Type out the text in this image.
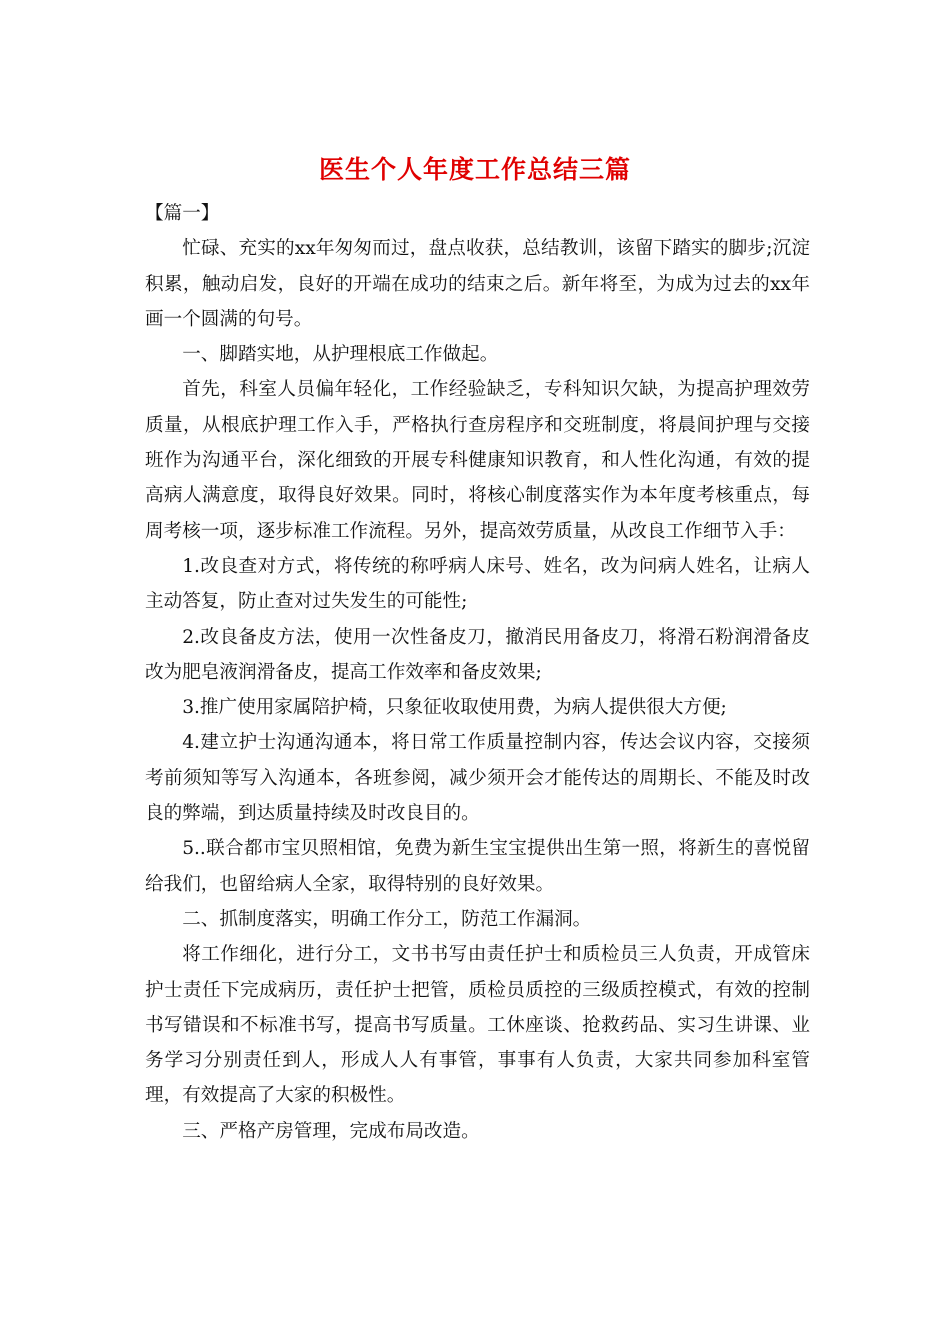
医生个人年度工作总结三篇
【篇一】

忙碌、充实的xx年匆匆而过，盘点收获，总结教训，该留下踏实的脚步;沉淀积累，触动启发，良好的开端在成功的结束之后。新年将至，为成为过去的xx年画一个圆满的句号。

一、脚踏实地，从护理根底工作做起。

首先，科室人员偏年轻化，工作经验缺乏，专科知识欠缺，为提高护理效劳质量，从根底护理工作入手，严格执行查房程序和交班制度，将晨间护理与交接班作为沟通平台，深化细致的开展专科健康知识教育，和人性化沟通，有效的提高病人满意度，取得良好效果。同时，将核心制度落实作为本年度考核重点，每周考核一项，逐步标准工作流程。另外，提高效劳质量，从改良工作细节入手：

1.改良查对方式，将传统的称呼病人床号、姓名，改为问病人姓名，让病人主动答复，防止查对过失发生的可能性;

2.改良备皮方法，使用一次性备皮刀，撤消民用备皮刀，将滑石粉润滑备皮改为肥皂液润滑备皮，提高工作效率和备皮效果;

3.推广使用家属陪护椅，只象征收取使用费，为病人提供很大方便;

4.建立护士沟通沟通本，将日常工作质量控制内容，传达会议内容，交接须考前须知等写入沟通本，各班参阅，减少须开会才能传达的周期长、不能及时改良的弊端，到达质量持续及时改良目的。

5..联合都市宝贝照相馆，免费为新生宝宝提供出生第一照，将新生的喜悦留给我们，也留给病人全家，取得特别的良好效果。

二、抓制度落实，明确工作分工，防范工作漏洞。

将工作细化，进行分工，文书书写由责任护士和质检员三人负责，开成管床护士责任下完成病历，责任护士把管，质检员质控的三级质控模式，有效的控制书写错误和不标准书写，提高书写质量。工休座谈、抢救药品、实习生讲课、业务学习分别责任到人，形成人人有事管，事事有人负责，大家共同参加科室管理，有效提高了大家的积极性。

三、严格产房管理，完成布局改造。
